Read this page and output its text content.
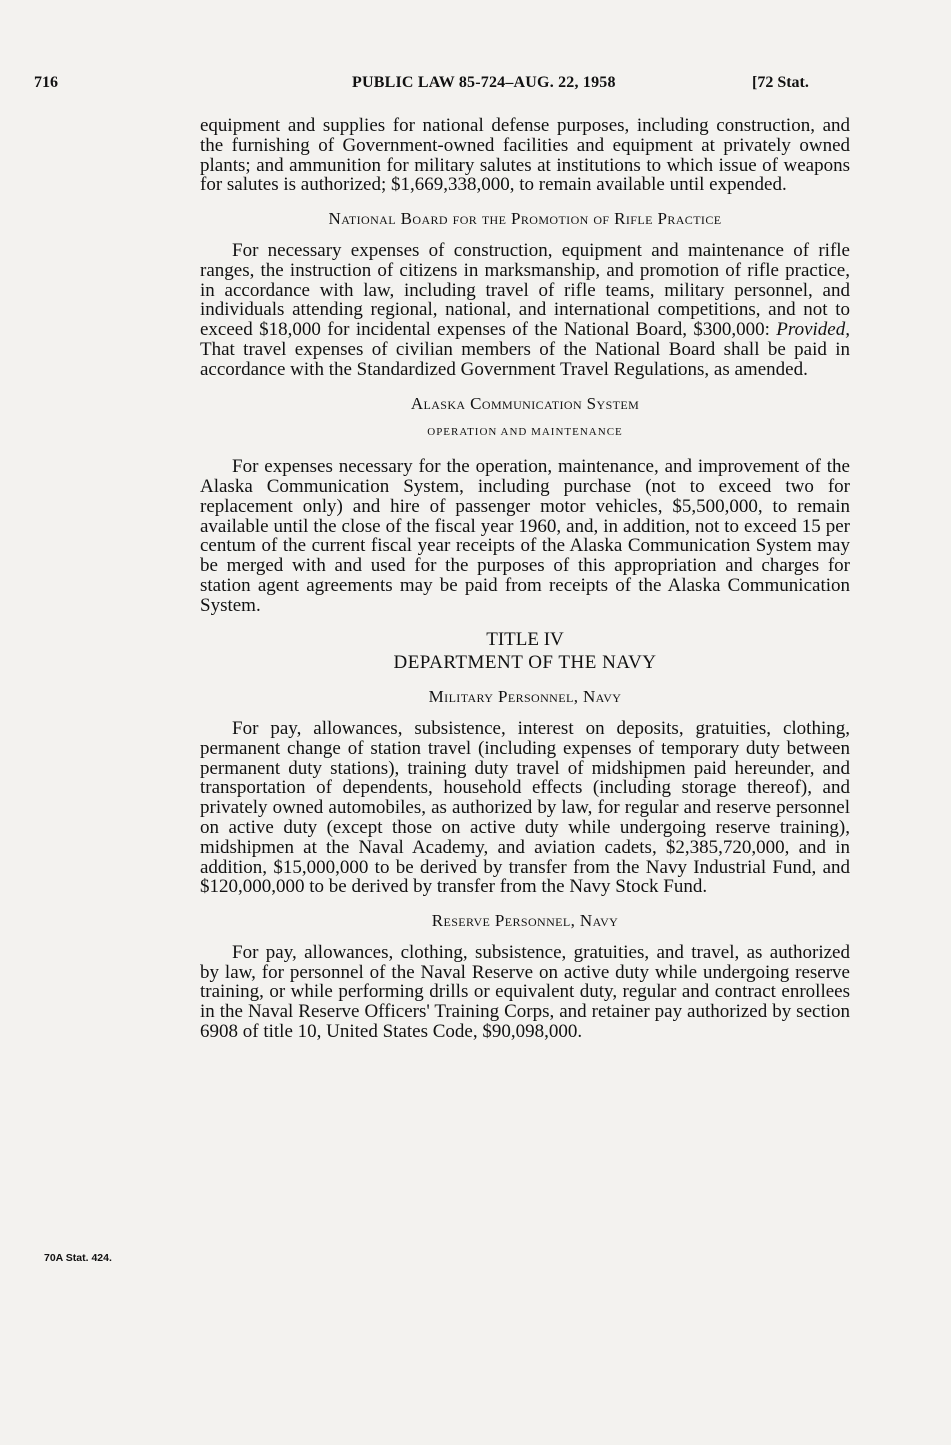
716	PUBLIC LAW 85-724–AUG. 22, 1958	[72 Stat.

equipment and supplies for national defense purposes, including construction, and the furnishing of Government-owned facilities and equipment at privately owned plants; and ammunition for military salutes at institutions to which issue of weapons for salutes is authorized; $1,669,338,000, to remain available until expended.

National Board for the Promotion of Rifle Practice

For necessary expenses of construction, equipment and maintenance of rifle ranges, the instruction of citizens in marksmanship, and promotion of rifle practice, in accordance with law, including travel of rifle teams, military personnel, and individuals attending regional, national, and international competitions, and not to exceed $18,000 for incidental expenses of the National Board, $300,000: Provided, That travel expenses of civilian members of the National Board shall be paid in accordance with the Standardized Government Travel Regulations, as amended.

Alaska Communication System
OPERATION AND MAINTENANCE

For expenses necessary for the operation, maintenance, and improvement of the Alaska Communication System, including purchase (not to exceed two for replacement only) and hire of passenger motor vehicles, $5,500,000, to remain available until the close of the fiscal year 1960, and, in addition, not to exceed 15 per centum of the current fiscal year receipts of the Alaska Communication System may be merged with and used for the purposes of this appropriation and charges for station agent agreements may be paid from receipts of the Alaska Communication System.

TITLE IV
DEPARTMENT OF THE NAVY
Military Personnel, Navy

For pay, allowances, subsistence, interest on deposits, gratuities, clothing, permanent change of station travel (including expenses of temporary duty between permanent duty stations), training duty travel of midshipmen paid hereunder, and transportation of dependents, household effects (including storage thereof), and privately owned automobiles, as authorized by law, for regular and reserve personnel on active duty (except those on active duty while undergoing reserve training), midshipmen at the Naval Academy, and aviation cadets, $2,385,720,000, and in addition, $15,000,000 to be derived by transfer from the Navy Industrial Fund, and $120,000,000 to be derived by transfer from the Navy Stock Fund.

Reserve Personnel, Navy

For pay, allowances, clothing, subsistence, gratuities, and travel, as authorized by law, for personnel of the Naval Reserve on active duty while undergoing reserve training, or while performing drills or equivalent duty, regular and contract enrollees in the Naval Reserve Officers' Training Corps, and retainer pay authorized by section 6908 of title 10, United States Code, $90,098,000.

70A Stat. 424.
